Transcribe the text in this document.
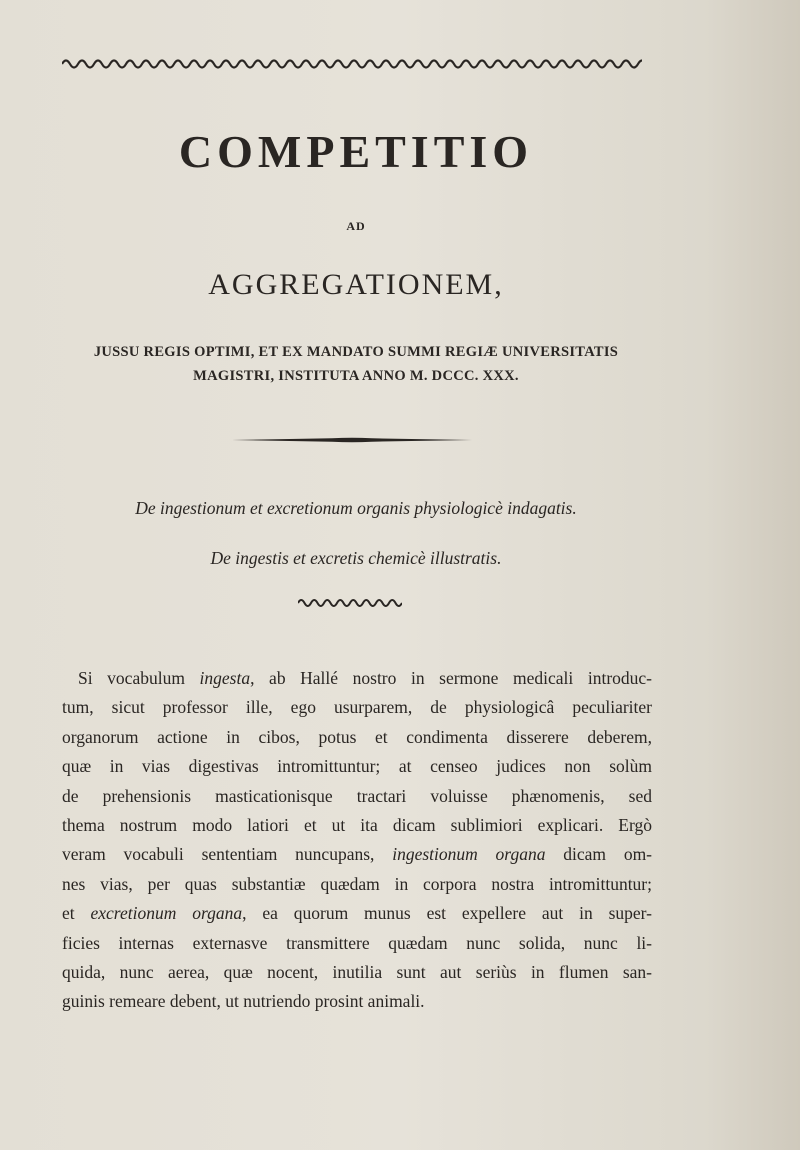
COMPETITIO
AD
AGGREGATIONEM,
JUSSU REGIS OPTIMI, ET EX MANDATO SUMMI REGIÆ UNIVERSITATIS
MAGISTRI, INSTITUTA ANNO M. DCCC. XXX.
De ingestionum et excretionum organis physiologicè indagatis.
De ingestis et excretis chemicè illustratis.
Si vocabulum ingesta, ab Hallé nostro in sermone medicali introduc-
tum, sicut professor ille, ego usurparem, de physiologicâ peculiariter
organorum actione in cibos, potus et condimenta disserere deberem,
quæ in vias digestivas intromittuntur; at censeo judices non solùm
de prehensionis masticationisque tractari voluisse phænomenis, sed
thema nostrum modo latiori et ut ita dicam sublimiori explicari. Ergò
veram vocabuli sententiam nuncupans, ingestionum organa dicam om-
nes vias, per quas substantiæ quædam in corpora nostra intromittuntur;
et excretionum organa, ea quorum munus est expellere aut in super-
ficies internas externasve transmittere quædam nunc solida, nunc li-
quida, nunc aerea, quæ nocent, inutilia sunt aut seriùs in flumen san-
guinis remeare debent, ut nutriendo prosint animali.
